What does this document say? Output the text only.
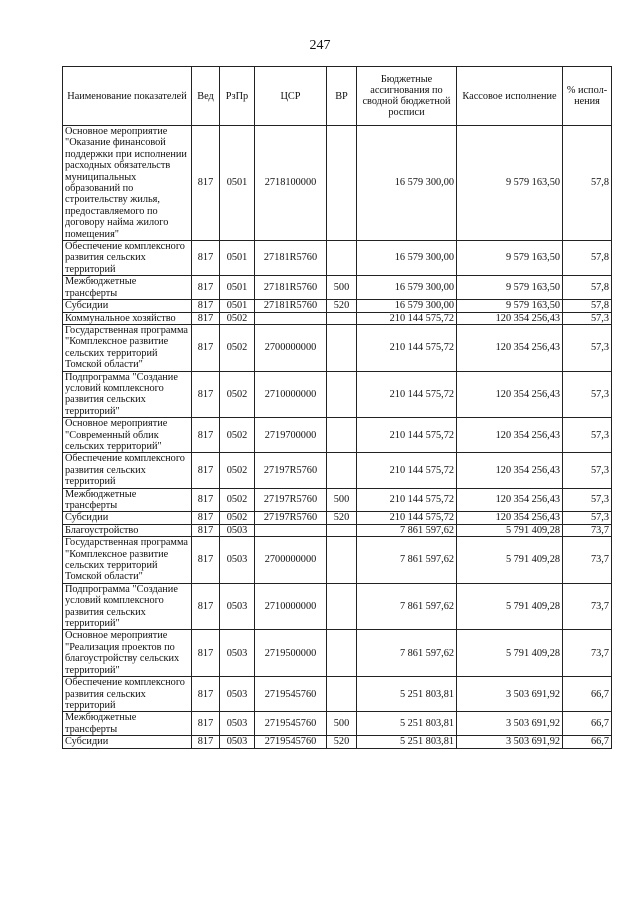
247
Наименование показателей	Вед	РзПр	ЦСР	ВР	Бюджетные ассигнования по сводной бюджетной росписи	Кассовое исполнение	% испол-нения
Основное мероприятие "Оказание финансовой поддержки при исполнении расходных обязательств муниципальных образований по строительству жилья, предоставляемого по договору найма жилого помещения"	817	0501	2718100000		16 579 300,00	9 579 163,50	57,8
Обеспечение комплексного развития сельских территорий	817	0501	27181R5760		16 579 300,00	9 579 163,50	57,8
Межбюджетные трансферты	817	0501	27181R5760	500	16 579 300,00	9 579 163,50	57,8
Субсидии	817	0501	27181R5760	520	16 579 300,00	9 579 163,50	57,8
Коммунальное хозяйство	817	0502			210 144 575,72	120 354 256,43	57,3
Государственная программа "Комплексное развитие сельских территорий Томской области"	817	0502	2700000000		210 144 575,72	120 354 256,43	57,3
Подпрограмма "Создание условий комплексного развития сельских территорий"	817	0502	2710000000		210 144 575,72	120 354 256,43	57,3
Основное мероприятие "Современный облик сельских территорий"	817	0502	2719700000		210 144 575,72	120 354 256,43	57,3
Обеспечение комплексного развития сельских территорий	817	0502	27197R5760		210 144 575,72	120 354 256,43	57,3
Межбюджетные трансферты	817	0502	27197R5760	500	210 144 575,72	120 354 256,43	57,3
Субсидии	817	0502	27197R5760	520	210 144 575,72	120 354 256,43	57,3
Благоустройство	817	0503			7 861 597,62	5 791 409,28	73,7
Государственная программа "Комплексное развитие сельских территорий Томской области"	817	0503	2700000000		7 861 597,62	5 791 409,28	73,7
Подпрограмма "Создание условий комплексного развития сельских территорий"	817	0503	2710000000		7 861 597,62	5 791 409,28	73,7
Основное мероприятие "Реализация проектов по благоустройству сельских территорий"	817	0503	2719500000		7 861 597,62	5 791 409,28	73,7
Обеспечение комплексного развития сельских территорий	817	0503	2719545760		5 251 803,81	3 503 691,92	66,7
Межбюджетные трансферты	817	0503	2719545760	500	5 251 803,81	3 503 691,92	66,7
Субсидии	817	0503	2719545760	520	5 251 803,81	3 503 691,92	66,7
